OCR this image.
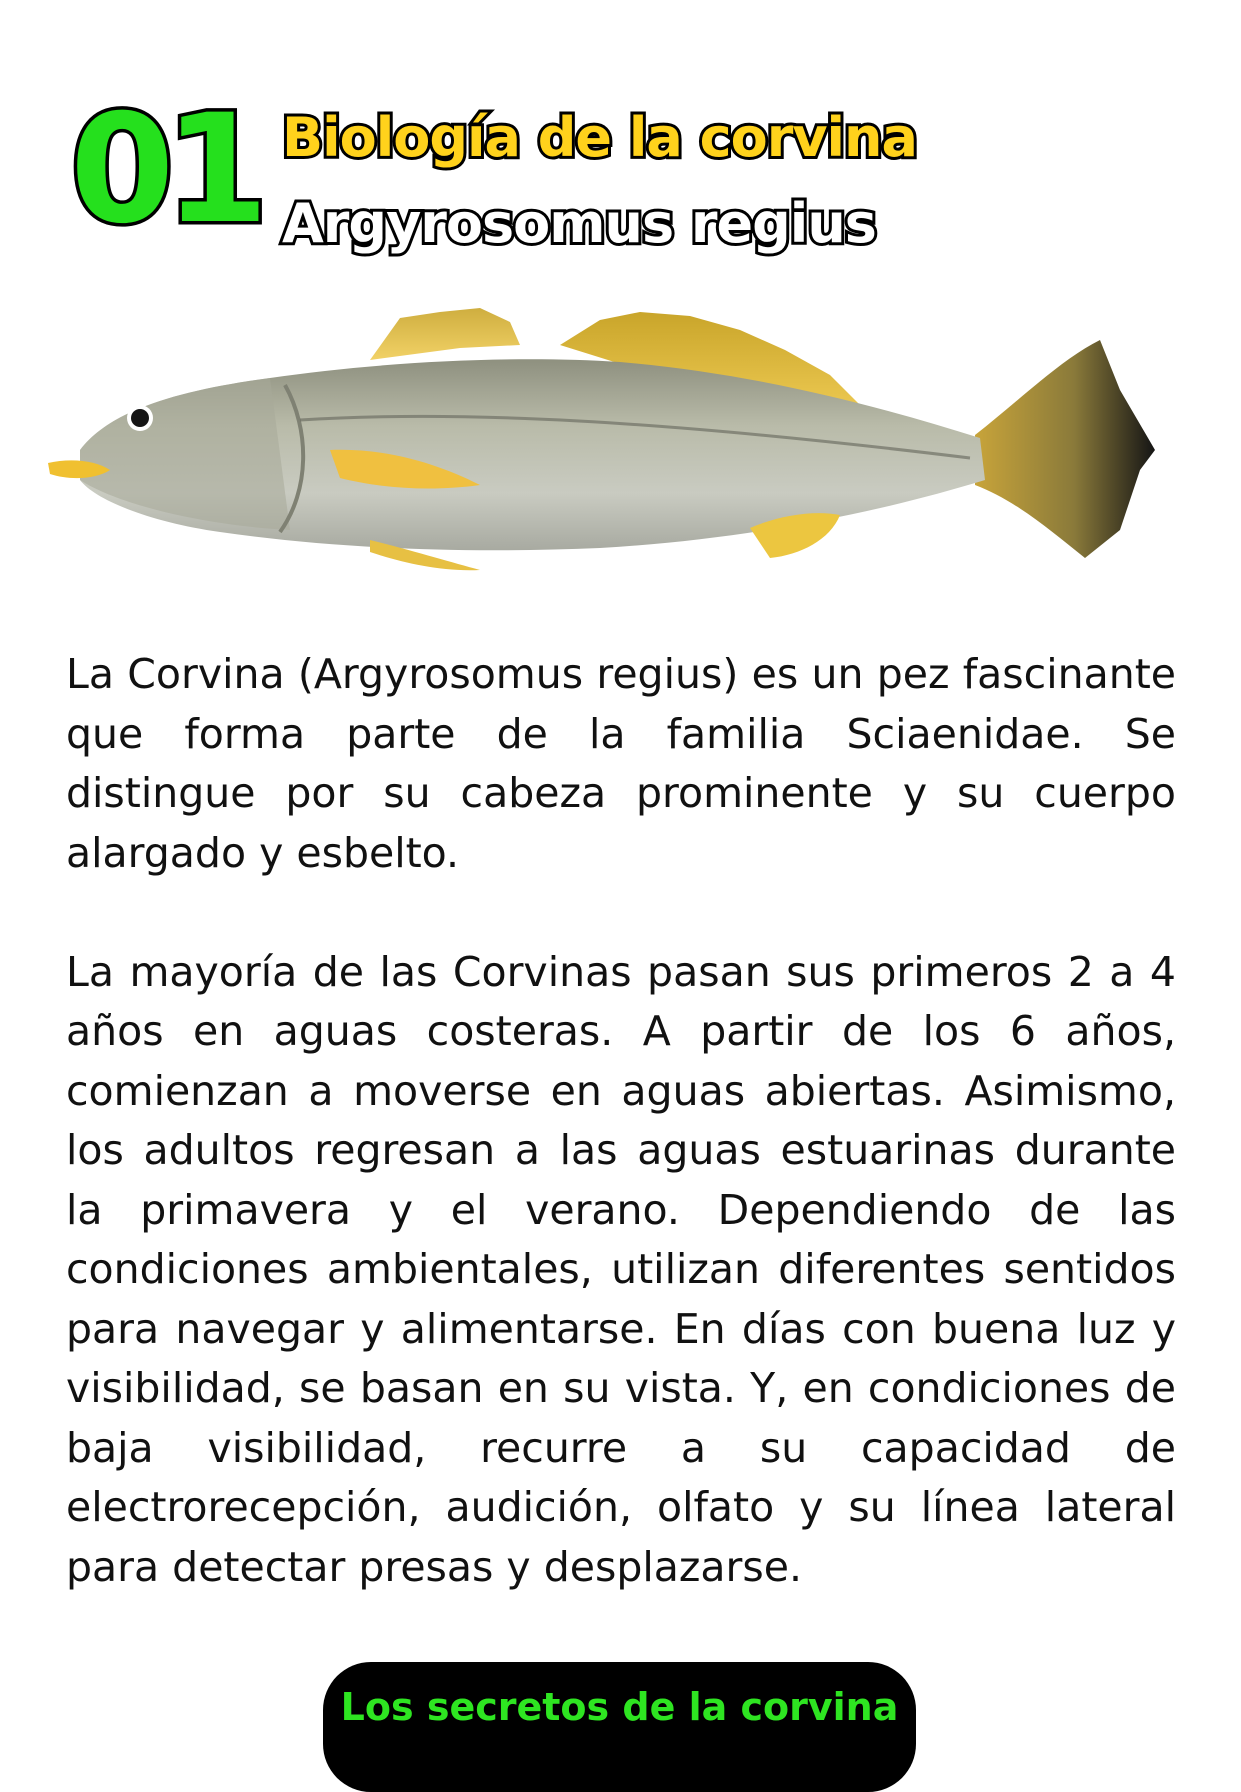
01 Biología de la corvina
Argyrosomus regius

La Corvina (Argyrosomus regius) es un pez fascinante que forma parte de la familia Sciaenidae. Se distingue por su cabeza prominente y su cuerpo alargado y esbelto.

La mayoría de las Corvinas pasan sus primeros 2 a 4 años en aguas costeras. A partir de los 6 años, comienzan a moverse en aguas abiertas. Asimismo, los adultos regresan a las aguas estuarinas durante la primavera y el verano. Dependiendo de las condiciones ambientales, utilizan diferentes sentidos para navegar y alimentarse. En días con buena luz y visibilidad, se basan en su vista. Y, en condiciones de baja visibilidad, recurre a su capacidad de electrorecepción, audición, olfato y su línea lateral para detectar presas y desplazarse.

Los secretos de la corvina
